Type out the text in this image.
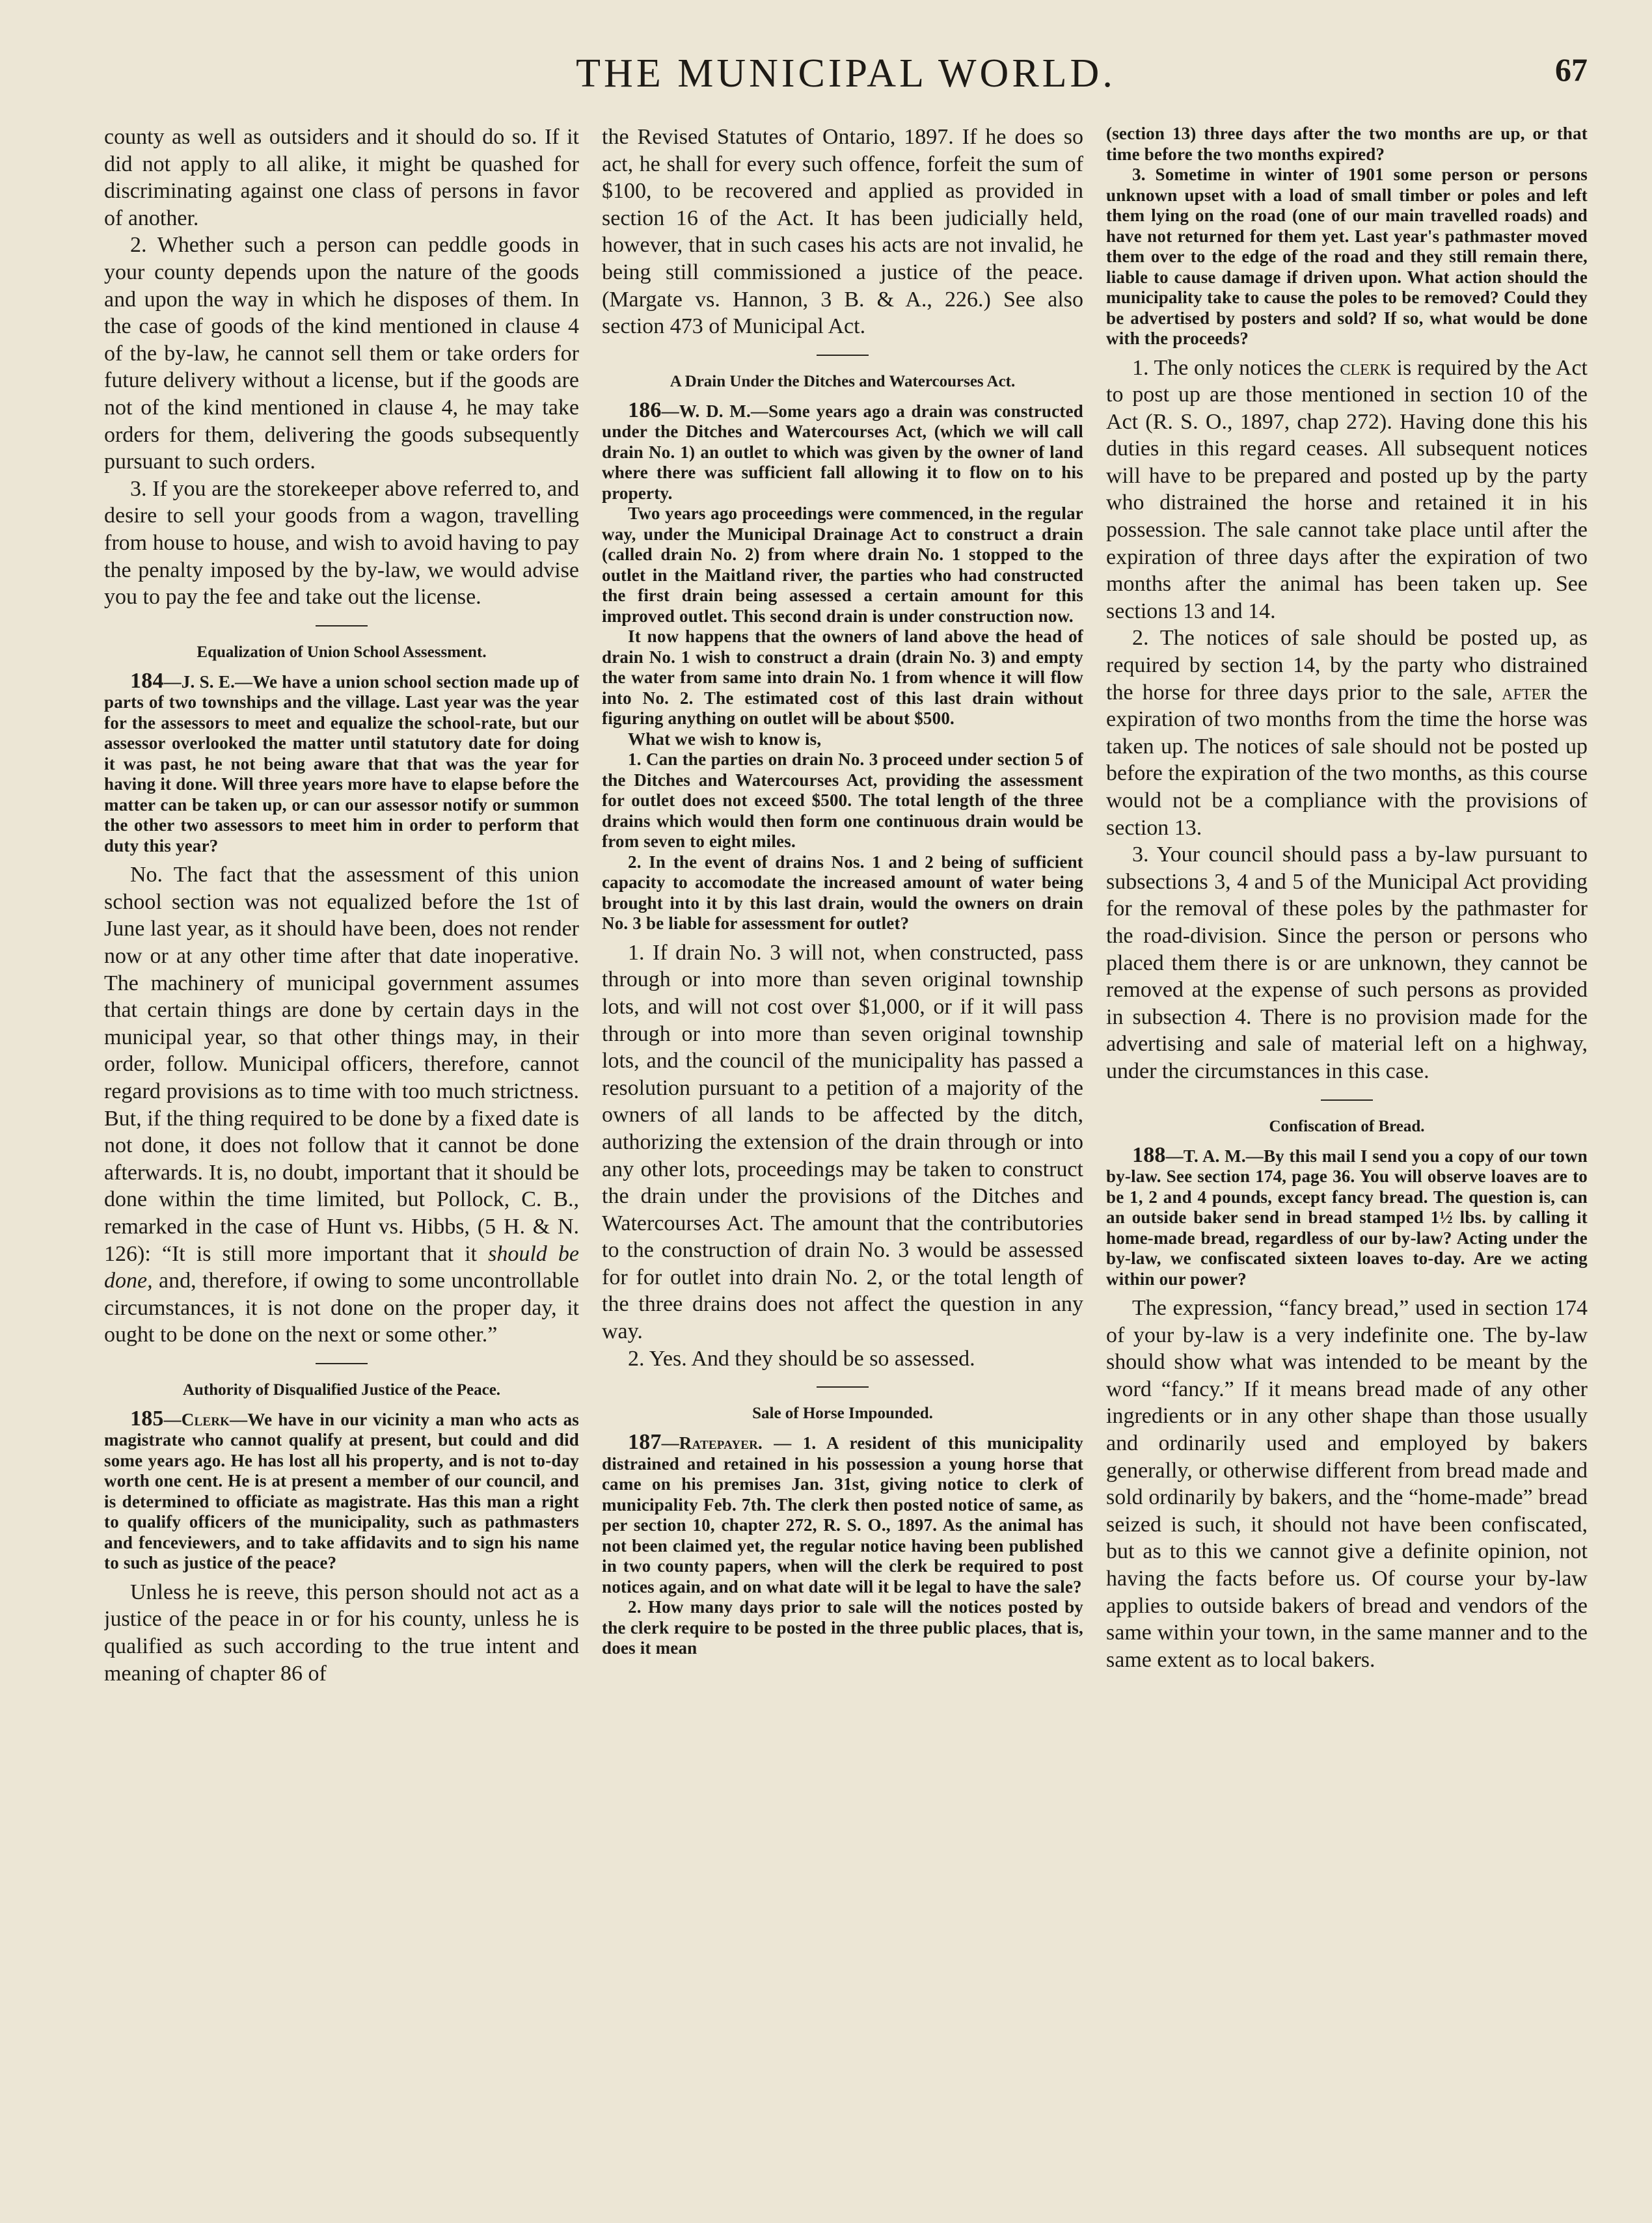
THE MUNICIPAL WORLD.	67

county as well as outsiders and it should do so. If it did not apply to all alike, it might be quashed for discriminating against one class of persons in favor of another.

2. Whether such a person can peddle goods in your county depends upon the nature of the goods and upon the way in which he disposes of them. In the case of goods of the kind mentioned in clause 4 of the by-law, he cannot sell them or take orders for future delivery without a license, but if the goods are not of the kind mentioned in clause 4, he may take orders for them, delivering the goods subsequently pursuant to such orders.

3. If you are the storekeeper above referred to, and desire to sell your goods from a wagon, travelling from house to house, and wish to avoid having to pay the penalty imposed by the by-law, we would advise you to pay the fee and take out the license.

Equalization of Union School Assessment.

184—J. S. E.—We have a union school section made up of parts of two townships and the village. Last year was the year for the assessors to meet and equalize the school-rate, but our assessor overlooked the matter until statutory date for doing it was past, he not being aware that that was the year for having it done. Will three years more have to elapse before the matter can be taken up, or can our assessor notify or summon the other two assessors to meet him in order to perform that duty this year?

No. The fact that the assessment of this union school section was not equalized before the 1st of June last year, as it should have been, does not render now or at any other time after that date inoperative. The machinery of municipal government assumes that certain things are done by certain days in the municipal year, so that other things may, in their order, follow. Municipal officers, therefore, cannot regard provisions as to time with too much strictness. But, if the thing required to be done by a fixed date is not done, it does not follow that it cannot be done afterwards. It is, no doubt, important that it should be done within the time limited, but Pollock, C. B., remarked in the case of Hunt vs. Hibbs, (5 H. & N. 126): “It is still more important that it should be done, and, therefore, if owing to some uncontrollable circumstances, it is not done on the proper day, it ought to be done on the next or some other.”

Authority of Disqualified Justice of the Peace.

185—Clerk—We have in our vicinity a man who acts as magistrate who cannot qualify at present, but could and did some years ago. He has lost all his property, and is not to-day worth one cent. He is at present a member of our council, and is determined to officiate as magistrate. Has this man a right to qualify officers of the municipality, such as pathmasters and fenceviewers, and to take affidavits and to sign his name to such as justice of the peace?

Unless he is reeve, this person should not act as a justice of the peace in or for his county, unless he is qualified as such according to the true intent and meaning of chapter 86 of

the Revised Statutes of Ontario, 1897. If he does so act, he shall for every such offence, forfeit the sum of $100, to be recovered and applied as provided in section 16 of the Act. It has been judicially held, however, that in such cases his acts are not invalid, he being still commissioned a justice of the peace. (Margate vs. Hannon, 3 B. & A., 226.) See also section 473 of Municipal Act.

A Drain Under the Ditches and Watercourses Act.

186—W. D. M.—Some years ago a drain was constructed under the Ditches and Watercourses Act, (which we will call drain No. 1) an outlet to which was given by the owner of land where there was sufficient fall allowing it to flow on to his property.

Two years ago proceedings were commenced, in the regular way, under the Municipal Drainage Act to construct a drain (called drain No. 2) from where drain No. 1 stopped to the outlet in the Maitland river, the parties who had constructed the first drain being assessed a certain amount for this improved outlet. This second drain is under construction now.

It now happens that the owners of land above the head of drain No. 1 wish to construct a drain (drain No. 3) and empty the water from same into drain No. 1 from whence it will flow into No. 2. The estimated cost of this last drain without figuring anything on outlet will be about $500.

What we wish to know is,

1. Can the parties on drain No. 3 proceed under section 5 of the Ditches and Watercourses Act, providing the assessment for outlet does not exceed $500. The total length of the three drains which would then form one continuous drain would be from seven to eight miles.

2. In the event of drains Nos. 1 and 2 being of sufficient capacity to accomodate the increased amount of water being brought into it by this last drain, would the owners on drain No. 3 be liable for assessment for outlet?

1. If drain No. 3 will not, when constructed, pass through or into more than seven original township lots, and will not cost over $1,000, or if it will pass through or into more than seven original township lots, and the council of the municipality has passed a resolution pursuant to a petition of a majority of the owners of all lands to be affected by the ditch, authorizing the extension of the drain through or into any other lots, proceedings may be taken to construct the drain under the provisions of the Ditches and Watercourses Act. The amount that the contributories to the construction of drain No. 3 would be assessed for for outlet into drain No. 2, or the total length of the three drains does not affect the question in any way.

2. Yes. And they should be so assessed.

Sale of Horse Impounded.

187—Ratepayer. — 1. A resident of this municipality distrained and retained in his possession a young horse that came on his premises Jan. 31st, giving notice to clerk of municipality Feb. 7th. The clerk then posted notice of same, as per section 10, chapter 272, R. S. O., 1897. As the animal has not been claimed yet, the regular notice having been published in two county papers, when will the clerk be required to post notices again, and on what date will it be legal to have the sale?

2. How many days prior to sale will the notices posted by the clerk require to be posted in the three public places, that is, does it mean

(section 13) three days after the two months are up, or that time before the two months expired?

3. Sometime in winter of 1901 some person or persons unknown upset with a load of small timber or poles and left them lying on the road (one of our main travelled roads) and have not returned for them yet. Last year's pathmaster moved them over to the edge of the road and they still remain there, liable to cause damage if driven upon. What action should the municipality take to cause the poles to be removed? Could they be advertised by posters and sold? If so, what would be done with the proceeds?

1. The only notices the clerk is required by the Act to post up are those mentioned in section 10 of the Act (R. S. O., 1897, chap 272). Having done this his duties in this regard ceases. All subsequent notices will have to be prepared and posted up by the party who distrained the horse and retained it in his possession. The sale cannot take place until after the expiration of three days after the expiration of two months after the animal has been taken up. See sections 13 and 14.

2. The notices of sale should be posted up, as required by section 14, by the party who distrained the horse for three days prior to the sale, after the expiration of two months from the time the horse was taken up. The notices of sale should not be posted up before the expiration of the two months, as this course would not be a compliance with the provisions of section 13.

3. Your council should pass a by-law pursuant to subsections 3, 4 and 5 of the Municipal Act providing for the removal of these poles by the pathmaster for the road-division. Since the person or persons who placed them there is or are unknown, they cannot be removed at the expense of such persons as provided in subsection 4. There is no provision made for the advertising and sale of material left on a highway, under the circumstances in this case.

Confiscation of Bread.

188—T. A. M.—By this mail I send you a copy of our town by-law. See section 174, page 36. You will observe loaves are to be 1, 2 and 4 pounds, except fancy bread. The question is, can an outside baker send in bread stamped 1½ lbs. by calling it home-made bread, regardless of our by-law? Acting under the by-law, we confiscated sixteen loaves to-day. Are we acting within our power?

The expression, “fancy bread,” used in section 174 of your by-law is a very indefinite one. The by-law should show what was intended to be meant by the word “fancy.” If it means bread made of any other ingredients or in any other shape than those usually and ordinarily used and employed by bakers generally, or otherwise different from bread made and sold ordinarily by bakers, and the “home-made” bread seized is such, it should not have been confiscated, but as to this we cannot give a definite opinion, not having the facts before us. Of course your by-law applies to outside bakers of bread and vendors of the same within your town, in the same manner and to the same extent as to local bakers.
